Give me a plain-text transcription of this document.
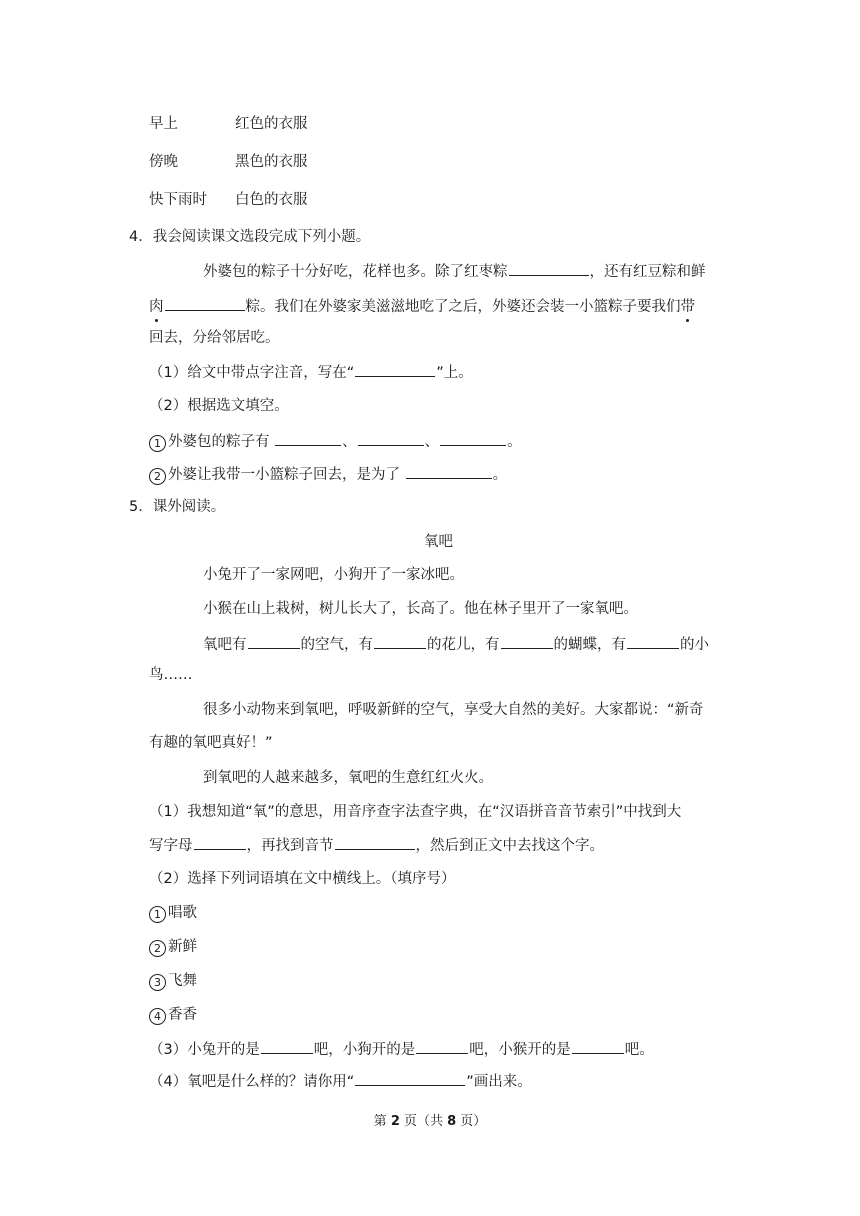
早上	红色的衣服
傍晚	黑色的衣服
快下雨时 白色的衣服
4．我会阅读课文选段完成下列小题。
外婆包的粽子十分好吃，花样也多。除了红枣粽	，还有红豆粽和鲜
肉	粽。我们在外婆家美滋滋地吃了之后，外婆还会装一小篮粽子要我们带
回去，分给邻居吃。
（1）给文中带点字注音，写在“	”上。
（2）根据选文填空。
1 外婆包的粽子有	、	、	。
2 外婆让我带一小篮粽子回去，是为了	。
5．课外阅读。
氧吧
小兔开了一家网吧，小狗开了一家冰吧。
小猴在山上栽树，树儿长大了，长高了。他在林子里开了一家氧吧。
氧吧有	的空气，有	的花儿，有	的蝴蝶，有	的小
鸟……
很多小动物来到氧吧，呼吸新鲜的空气，享受大自然的美好。大家都说：“新奇
有趣的氧吧真好！”
到氧吧的人越来越多，氧吧的生意红红火火。
（1）我想知道“氧”的意思，用音序查字法查字典，在“汉语拼音音节索引”中找到大
写字母	，再找到音节	，然后到正文中去找这个字。
（2）选择下列词语填在文中横线上。（填序号）
1 唱歌
2 新鲜
3 飞舞
4 香香
（3）小兔开的是	吧，小狗开的是	吧，小猴开的是	吧。
（4）氧吧是什么样的？请你用“	”画出来。
第 2 页（共 8 页）
